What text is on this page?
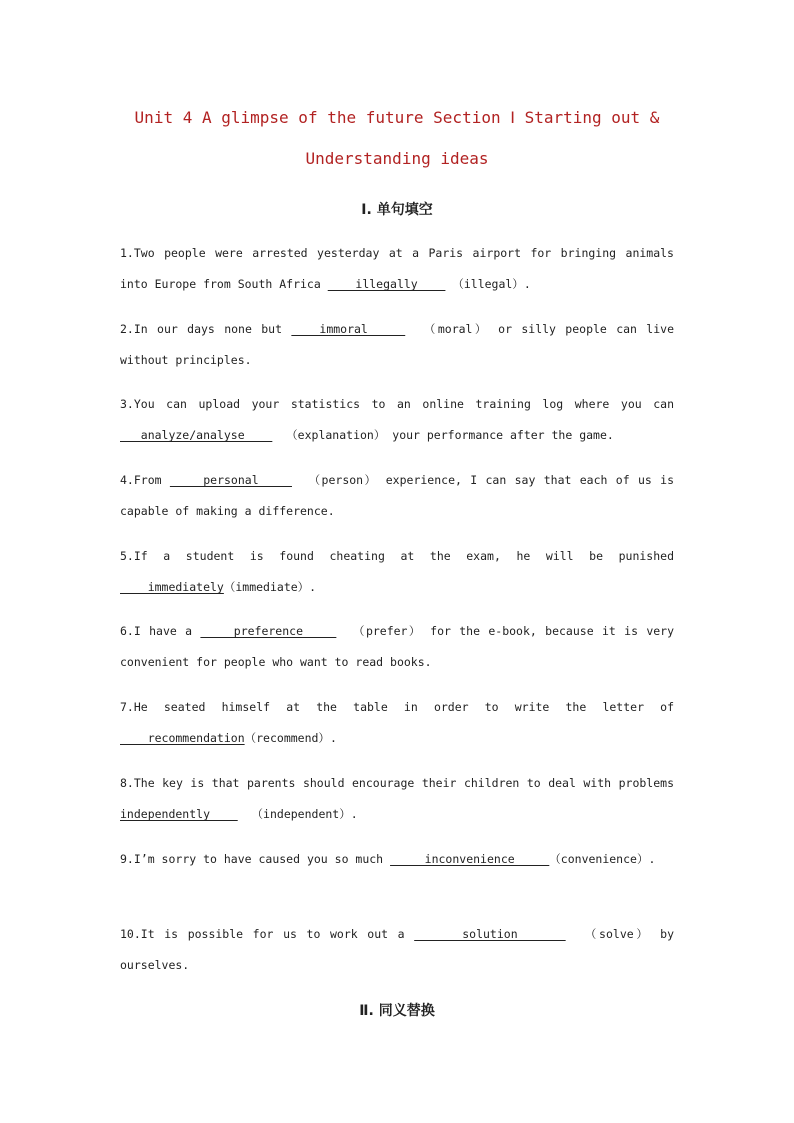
Unit 4 A glimpse of the future Section Ⅰ Starting out &
Understanding ideas
Ⅰ. 单句填空
1.Two people were arrested yesterday at a Paris airport for bringing animals into Europe from South Africa     illegally     （illegal）.
2.In our days none but    immoral      （moral） or silly people can live without principles.
3.You can upload your statistics to an online training log where you can    analyze/analyse      （explanation） your performance after the game.
4.From     personal      （person） experience, I can say that each of us is capable of making a difference.
5.If a student is found cheating at the exam, he will be punished     immediately（immediate）.
6.I have a     preference      （prefer） for the e-book, because it is very convenient for people who want to read books.
7.He seated himself at the table in order to write the letter of     recommendation（recommend）.
8.The key is that parents should encourage their children to deal with problems independently      （independent）.
9.I’m sorry to have caused you so much      inconvenience     （convenience）.
10.It is possible for us to work out a      solution       （solve） by ourselves.
Ⅱ. 同义替换
